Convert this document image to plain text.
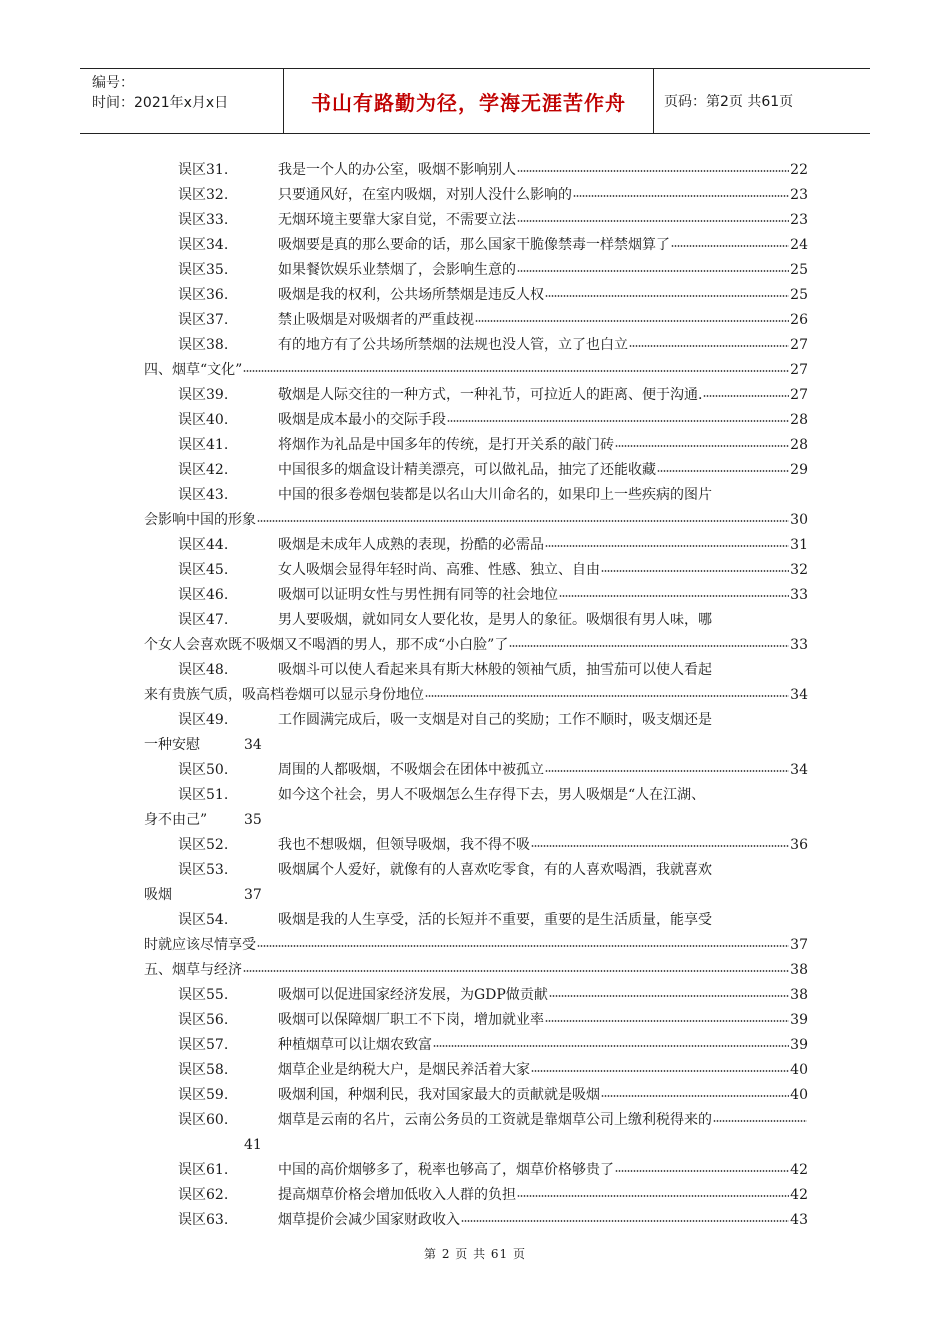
编号：
时间：2021年x月x日	书山有路勤为径，学海无涯苦作舟	页码：第2页 共61页
误区31.	我是一个人的办公室，吸烟不影响别人	22
误区32.	只要通风好，在室内吸烟，对别人没什么影响的	23
误区33.	无烟环境主要靠大家自觉，不需要立法	23
误区34.	吸烟要是真的那么要命的话，那么国家干脆像禁毒一样禁烟算了	24
误区35.	如果餐饮娱乐业禁烟了，会影响生意的	25
误区36.	吸烟是我的权利，公共场所禁烟是违反人权	25
误区37.	禁止吸烟是对吸烟者的严重歧视	26
误区38.	有的地方有了公共场所禁烟的法规也没人管，立了也白立	27
四、烟草“文化”	27
误区39.	敬烟是人际交往的一种方式，一种礼节，可拉近人的距离、便于沟通.	27
误区40.	吸烟是成本最小的交际手段	28
误区41.	将烟作为礼品是中国多年的传统，是打开关系的敲门砖	28
误区42.	中国很多的烟盒设计精美漂亮，可以做礼品，抽完了还能收藏	29
误区43.	中国的很多卷烟包装都是以名山大川命名的，如果印上一些疾病的图片
会影响中国的形象	30
误区44.	吸烟是未成年人成熟的表现，扮酷的必需品	31
误区45.	女人吸烟会显得年轻时尚、高雅、性感、独立、自由	32
误区46.	吸烟可以证明女性与男性拥有同等的社会地位	33
误区47.	男人要吸烟，就如同女人要化妆，是男人的象征。吸烟很有男人味，哪
个女人会喜欢既不吸烟又不喝酒的男人，那不成“小白脸”了	33
误区48.	吸烟斗可以使人看起来具有斯大林般的领袖气质，抽雪茄可以使人看起
来有贵族气质，吸高档卷烟可以显示身份地位	34
误区49.	工作圆满完成后，吸一支烟是对自己的奖励；工作不顺时，吸支烟还是
一种安慰	34
误区50.	周围的人都吸烟，不吸烟会在团体中被孤立	34
误区51.	如今这个社会，男人不吸烟怎么生存得下去，男人吸烟是“人在江湖、
身不由己”	35
误区52.	我也不想吸烟，但领导吸烟，我不得不吸	36
误区53.	吸烟属个人爱好，就像有的人喜欢吃零食，有的人喜欢喝酒，我就喜欢
吸烟	37
误区54.	吸烟是我的人生享受，活的长短并不重要，重要的是生活质量，能享受
时就应该尽情享受	37
五、烟草与经济	38
误区55.	吸烟可以促进国家经济发展，为GDP做贡献	38
误区56.	吸烟可以保障烟厂职工不下岗，增加就业率	39
误区57.	种植烟草可以让烟农致富	39
误区58.	烟草企业是纳税大户，是烟民养活着大家	40
误区59.	吸烟利国，种烟利民，我对国家最大的贡献就是吸烟	40
误区60.	烟草是云南的名片，云南公务员的工资就是靠烟草公司上缴利税得来的
41
误区61.	中国的高价烟够多了，税率也够高了，烟草价格够贵了	42
误区62.	提高烟草价格会增加低收入人群的负担	42
误区63.	烟草提价会减少国家财政收入	43
第 2 页 共 61 页
